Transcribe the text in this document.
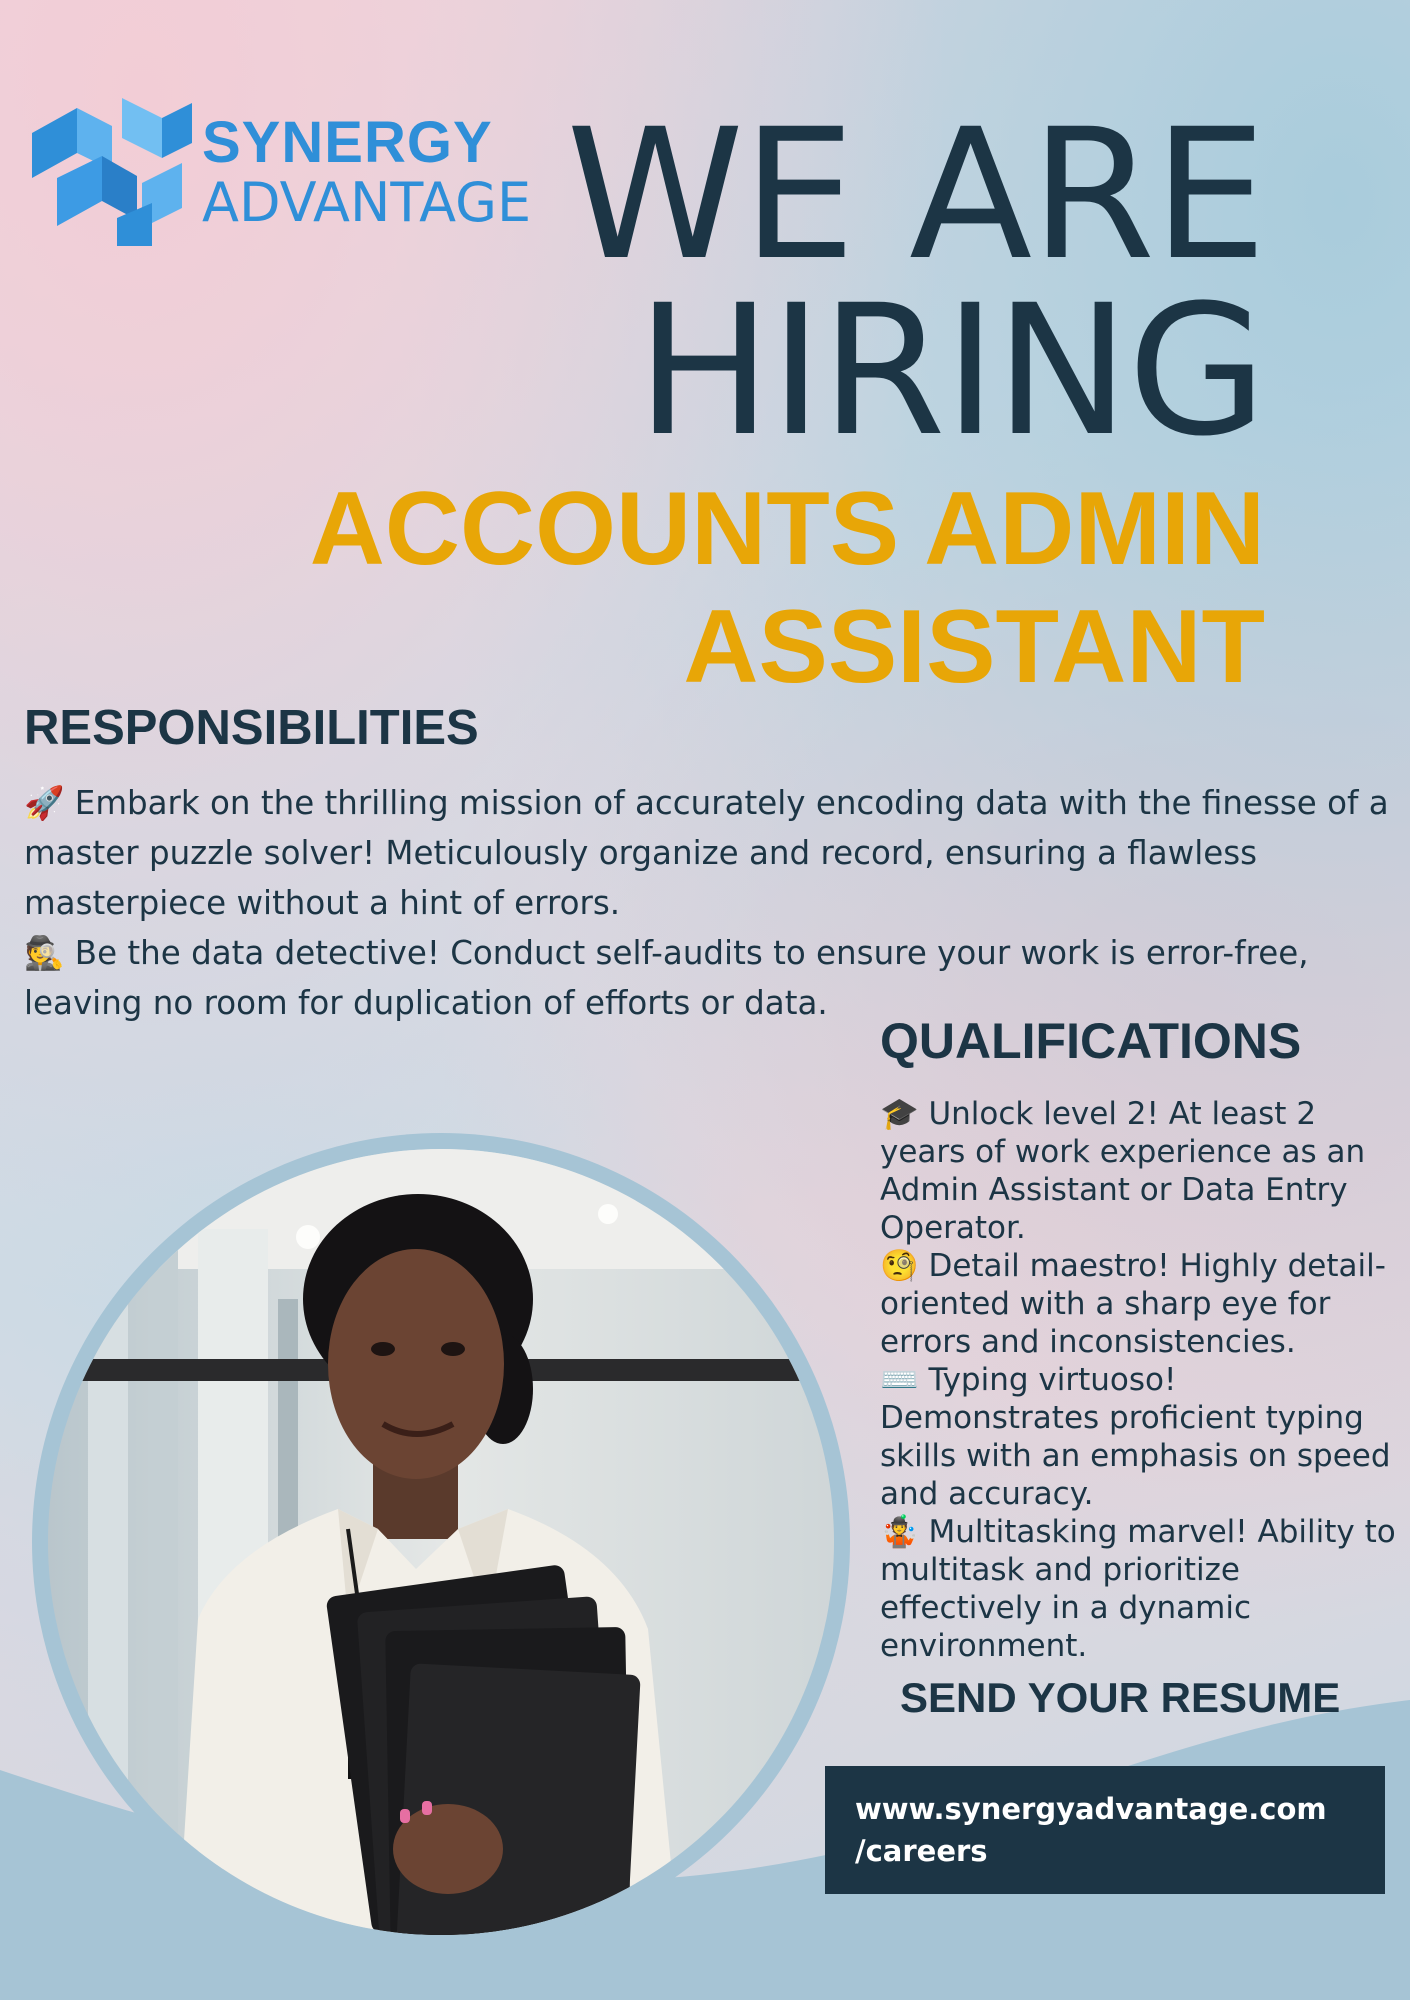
SYNERGY
ADVANTAGE WE ARE
HIRING
ACCOUNTS ADMIN
ASSISTANT
RESPONSIBILITIES

🚀 Embark on the thrilling mission of accurately encoding data with the finesse of a master puzzle solver! Meticulously organize and record, ensuring a flawless masterpiece without a hint of errors.

🕵️ Be the data detective! Conduct self-audits to ensure your work is error-free, leaving no room for duplication of efforts or data.

QUALIFICATIONS

🎓 Unlock level 2! At least 2 years of work experience as an Admin Assistant or Data Entry Operator.

🧐 Detail maestro! Highly detail-oriented with a sharp eye for errors and inconsistencies.

⌨️ Typing virtuoso! Demonstrates proficient typing skills with an emphasis on speed and accuracy.

🤹 Multitasking marvel! Ability to multitask and prioritize effectively in a dynamic environment.

SEND YOUR RESUME
www.synergyadvantage.com
/careers
